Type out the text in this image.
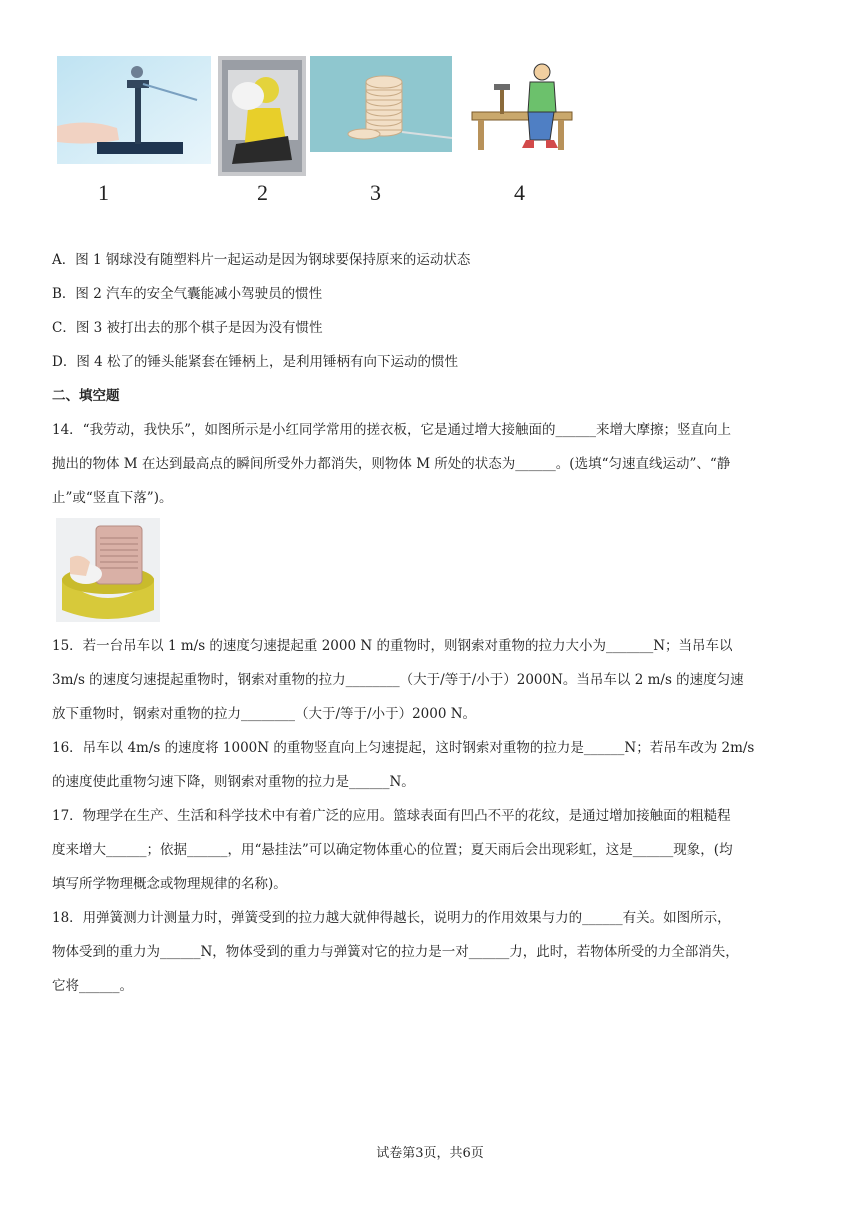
1	2	3	4
A．图 1 钢球没有随塑料片一起运动是因为钢球要保持原来的运动状态
B．图 2 汽车的安全气囊能减小驾驶员的惯性
C．图 3 被打出去的那个棋子是因为没有惯性
D．图 4 松了的锤头能紧套在锤柄上，是利用锤柄有向下运动的惯性
二、填空题
14．“我劳动，我快乐”，如图所示是小红同学常用的搓衣板，它是通过增大接触面的______来增大摩擦；竖直向上
抛出的物体 M 在达到最高点的瞬间所受外力都消失，则物体 M 所处的状态为______。(选填“匀速直线运动”、“静
止”或“竖直下落”)。
15．若一台吊车以 1 m/s 的速度匀速提起重 2000 N 的重物时，则钢索对重物的拉力大小为_______N；当吊车以
3m/s 的速度匀速提起重物时，钢索对重物的拉力________（大于/等于/小于）2000N。当吊车以 2 m/s 的速度匀速
放下重物时，钢索对重物的拉力________（大于/等于/小于）2000 N。
16．吊车以 4m/s 的速度将 1000N 的重物竖直向上匀速提起，这时钢索对重物的拉力是______N；若吊车改为 2m/s
的速度使此重物匀速下降，则钢索对重物的拉力是______N。
17．物理学在生产、生活和科学技术中有着广泛的应用。篮球表面有凹凸不平的花纹，是通过增加接触面的粗糙程
度来增大______；依据______，用“悬挂法”可以确定物体重心的位置；夏天雨后会出现彩虹，这是______现象，(均
填写所学物理概念或物理规律的名称)。
18．用弹簧测力计测量力时，弹簧受到的拉力越大就伸得越长，说明力的作用效果与力的______有关。如图所示，
物体受到的重力为______N，物体受到的重力与弹簧对它的拉力是一对______力，此时，若物体所受的力全部消失，
它将______。
试卷第3页，共6页
